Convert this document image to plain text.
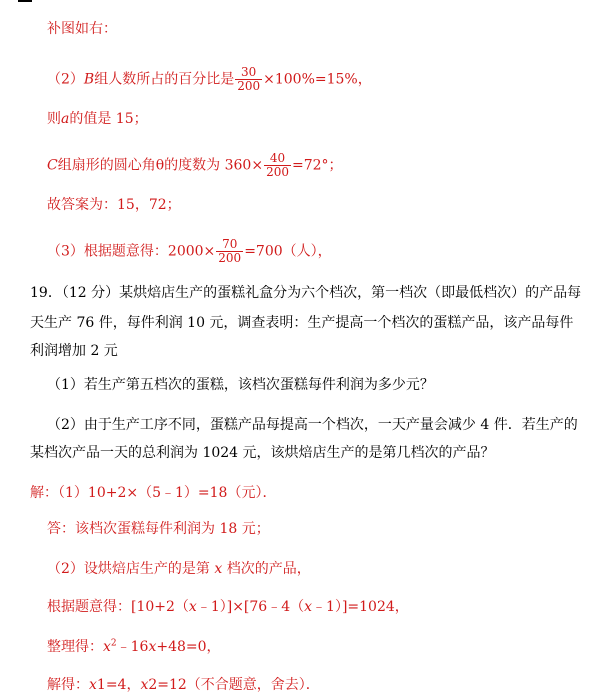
补图如右：
（2）B组人数所占的百分比是 $\frac{30}{200} \times 100\%=15\%$，
则a的值是 15；
C组扇形的圆心角θ的度数为 $360\times \frac{40}{200} =72^\circ$；
故答案为：15，72；
（3）根据题意得：$2000\times \frac{70}{200} =700$（人），
19．（12 分）某烘焙店生产的蛋糕礼盒分为六个档次，第一档次（即最低档次）的产品每
天生产 76 件，每件利润 10 元，调查表明：生产提高一个档次的蛋糕产品，该产品每件
利润增加 2 元
（1）若生产第五档次的蛋糕，该档次蛋糕每件利润为多少元？
（2）由于生产工序不同，蛋糕产品每提高一个档次，一天产量会减少 4 件．若生产的
某档次产品一天的总利润为 1024 元，该烘焙店生产的是第几档次的产品？
解：（1）10+2×（5﹣1）=18（元）．
答：该档次蛋糕每件利润为 18 元；
（2）设烘焙店生产的是第 x 档次的产品，
根据题意得：[10+2（x﹣1）]×[76﹣4（x﹣1）]=1024，
整理得：$x^2﹣16x+48=0$，
解得：x1=4，x2=12（不合题意，舍去）．
